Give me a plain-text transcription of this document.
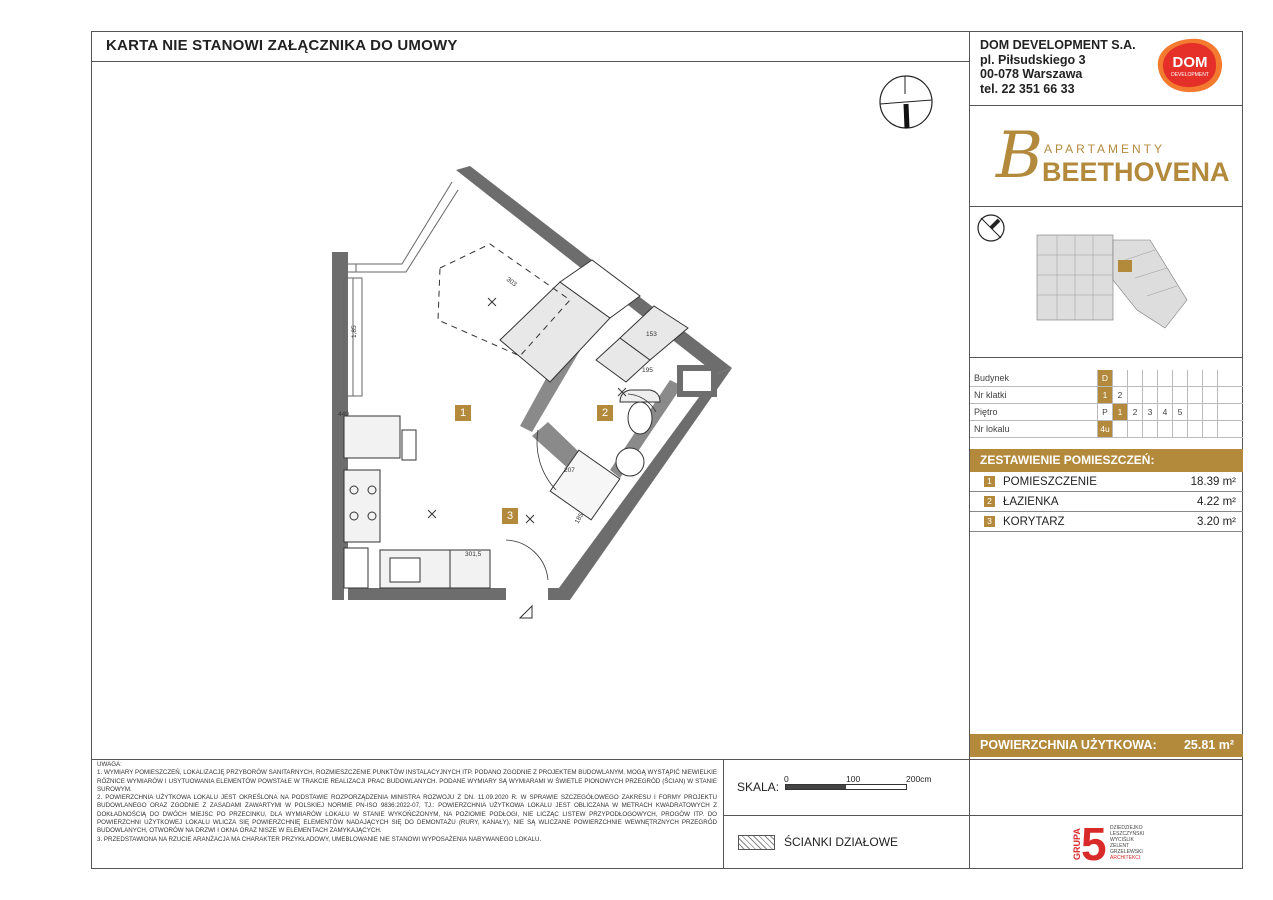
KARTA NIE STANOWI ZAŁĄCZNIKA DO UMOWY	DOM DEVELOPMENT S.A.
pl. Piłsudskiego 3
00-078 Warszawa
tel. 22 351 66 33
DOM
DEVELOPMENT
B APARTAMENTY
BEETHOVENA
Budynek	D
Nr klatki	1	2
Piętro	P	1	2	3	4	5
Nr lokalu	4u
ZESTAWIENIE POMIESZCZEŃ:
1 POMIESZCZENIE	18.39 m²
2 ŁAZIENKA	4.22 m²
3 KORYTARZ	3.20 m²
POWIERZCHNIA UŻYTKOWA: 25.81 m²
303
153
195
301,5
207
185
449
1,85
1	2
3

UWAGA:

1. WYMIARY POMIESZCZEŃ, LOKALIZACJĘ PRZYBORÓW SANITARNYCH, ROZMIESZCZENIE PUNKTÓW INSTALACYJNYCH ITP. PODANO ZGODNIE Z PROJEKTEM BUDOWLANYM. MOGĄ WYSTĄPIĆ NIEWIELKIE RÓŻNICE WYMIARÓW I USYTUOWANIA ELEMENTÓW POWSTAŁE W TRAKCIE REALIZACJI PRAC BUDOWLANYCH. PODANE WYMIARY SĄ WYMIARAMI W ŚWIETLE PIONOWYCH PRZEGRÓD (ŚCIAN) W STANIE SUROWYM.

2. POWIERZCHNIA UŻYTKOWA LOKALU JEST OKREŚLONA NA PODSTAWIE ROZPORZĄDZENIA MINISTRA ROZWOJU Z DN. 11.09.2020 R. W SPRAWIE SZCZEGÓŁOWEGO ZAKRESU I FORMY PROJEKTU BUDOWLANEGO ORAZ ZGODNIE Z ZASADAMI ZAWARTYMI W POLSKIEJ NORMIE PN-ISO 9836:2022-07, TJ.: POWIERZCHNIA UŻYTKOWA LOKALU JEST OBLICZANA W METRACH KWADRATOWYCH Z DOKŁADNOŚCIĄ DO DWÓCH MIEJSC PO PRZECINKU, DLA WYMIARÓW LOKALU W STANIE WYKOŃCZONYM, NA POZIOMIE PODŁOGI, NIE LICZĄC LISTEW PRZYPODŁOGOWYCH, PROGÓW ITP. DO POWIERZCHNI UŻYTKOWEJ LOKALU WLICZA SIĘ POWIERZCHNIĘ ELEMENTÓW NADAJĄCYCH SIĘ DO DEMONTAŻU (RURY, KANAŁY), NIE SĄ WLICZANE POWIERZCHNIE WEWNĘTRZNYCH PRZEGRÓD BUDOWLANYCH, OTWORÓW NA DRZWI I OKNA ORAZ NISZE W ELEMENTACH ZAMYKAJĄCYCH.

3. PRZEDSTAWIONA NA RZUCIE ARANŻACJA MA CHARAKTER PRZYKŁADOWY, UMEBLOWANIE NIE STANOWI WYPOSAŻENIA NABYWANEGO LOKALU.

SKALA:
0	100	200cm
ŚCIANKI DZIAŁOWE	GRUPA 5 DZIEDZIEJKO
LESZCZYŃSKI
WYCIŚLIK
ZELENT
GRZELEWSKI
ARCHITEKCI
